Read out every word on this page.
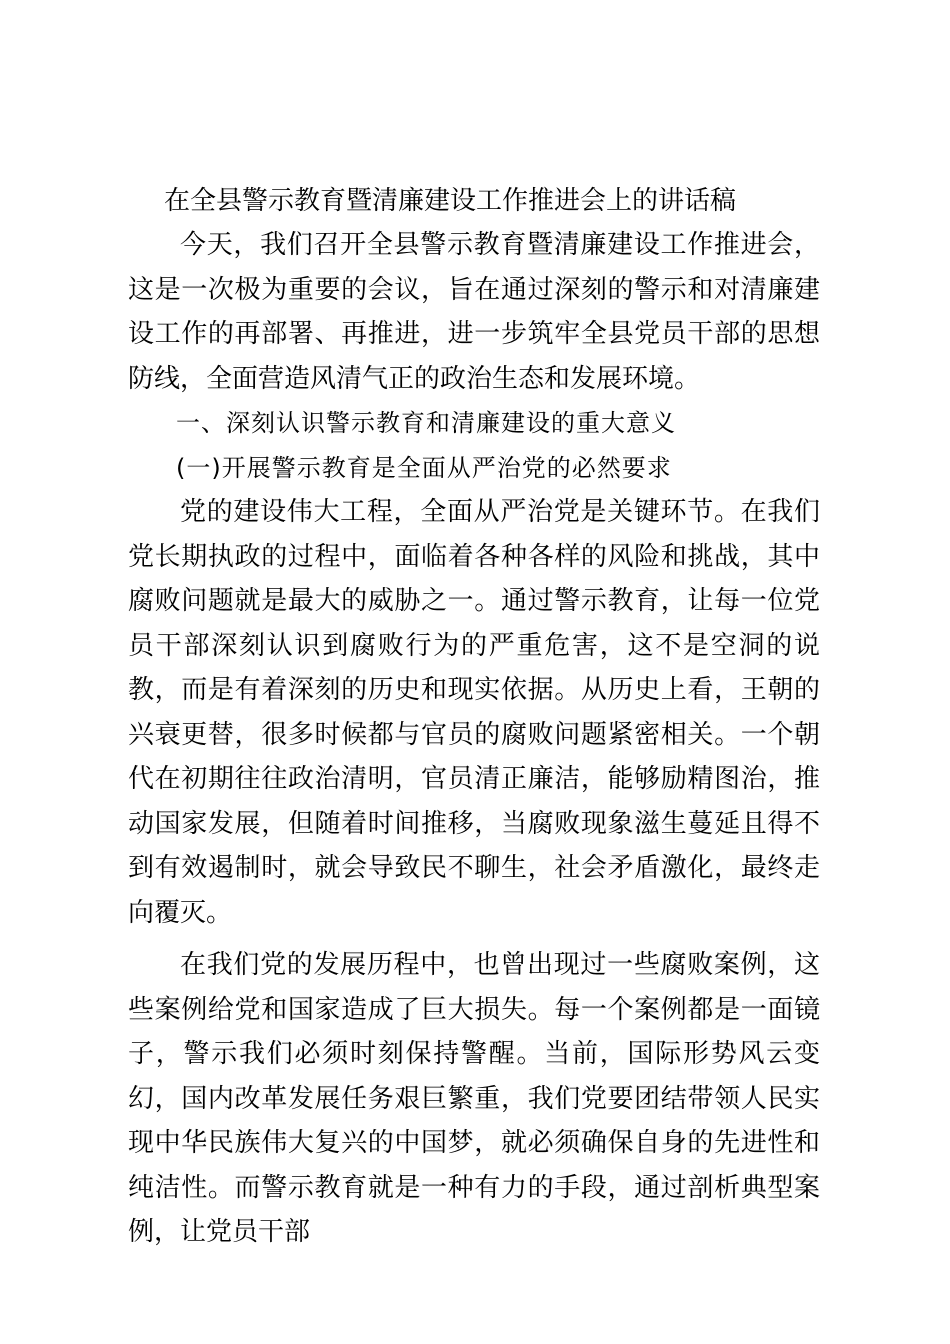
在全县警示教育暨清廉建设工作推进会上的讲话稿

今天，我们召开全县警示教育暨清廉建设工作推进会，这是一次极为重要的会议，旨在通过深刻的警示和对清廉建设工作的再部署、再推进，进一步筑牢全县党员干部的思想防线，全面营造风清气正的政治生态和发展环境。

一、深刻认识警示教育和清廉建设的重大意义
(一)开展警示教育是全面从严治党的必然要求

党的建设伟大工程，全面从严治党是关键环节。在我们党长期执政的过程中，面临着各种各样的风险和挑战，其中腐败问题就是最大的威胁之一。通过警示教育，让每一位党员干部深刻认识到腐败行为的严重危害，这不是空洞的说教，而是有着深刻的历史和现实依据。从历史上看，王朝的兴衰更替，很多时候都与官员的腐败问题紧密相关。一个朝代在初期往往政治清明，官员清正廉洁，能够励精图治，推动国家发展，但随着时间推移，当腐败现象滋生蔓延且得不到有效遏制时，就会导致民不聊生，社会矛盾激化，最终走向覆灭。

在我们党的发展历程中，也曾出现过一些腐败案例，这些案例给党和国家造成了巨大损失。每一个案例都是一面镜子，警示我们必须时刻保持警醒。当前，国际形势风云变幻，国内改革发展任务艰巨繁重，我们党要团结带领人民实现中华民族伟大复兴的中国梦，就必须确保自身的先进性和纯洁性。而警示教育就是一种有力的手段，通过剖析典型案例，让党员干部
